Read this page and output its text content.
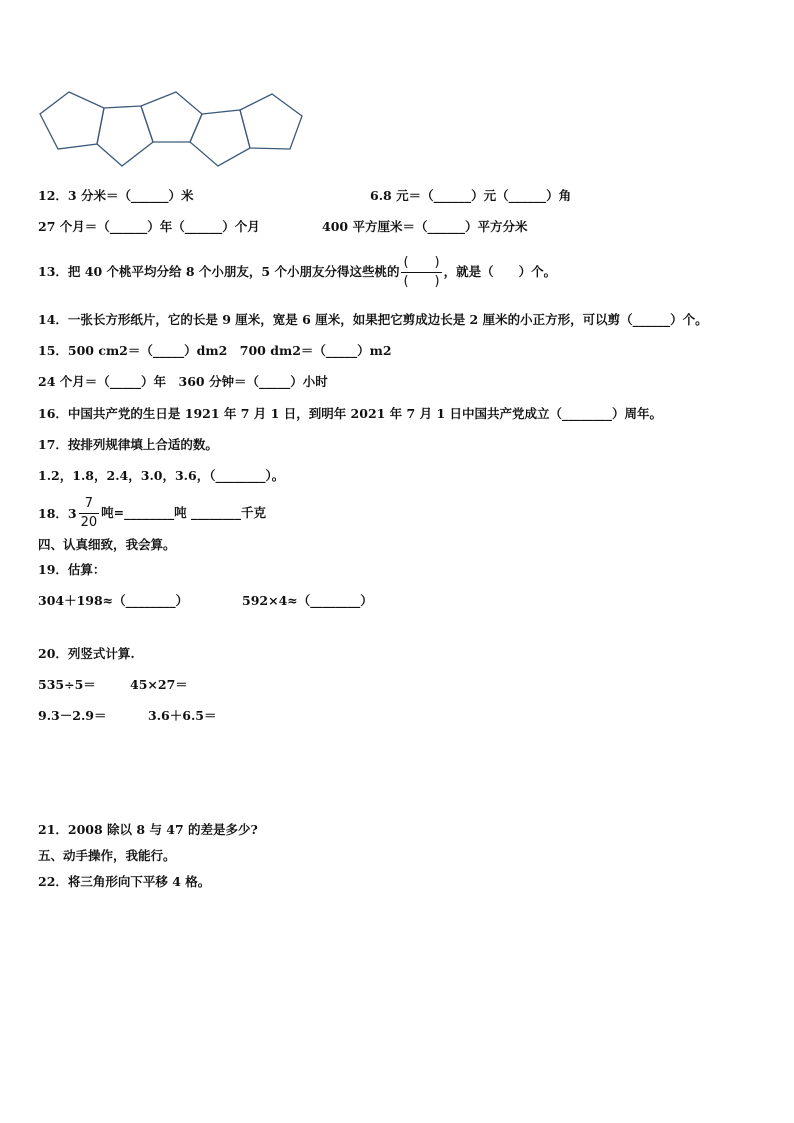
12．3 分米＝（______）米	6.8 元＝（______）元（______）角
27 个月＝（______）年（______）个月	400 平方厘米＝（______）平方分米
13．把 40 个桃平均分给 8 个小朋友，5 个小朋友分得这些桃的 $\frac{( )}{( )}$ ，就是（　　）个。
14．一张长方形纸片，它的长是 9 厘米，宽是 6 厘米，如果把它剪成边长是 2 厘米的小正方形，可以剪（______）个。
15．500 cm2＝（_____）dm2　700 dm2＝（_____）m2
24 个月＝（_____）年　360 分钟＝（_____）小时
16．中国共产党的生日是 1921 年 7 月 1 日，到明年 2021 年 7 月 1 日中国共产党成立（________）周年。
17．按排列规律填上合适的数。
1.2，1.8，2.4，3.0，3.6，（________）。
18．$3 \frac{7}{20}$ 吨=________吨 ________千克
四、认真细致，我会算。
19．估算：
304＋198≈（________）	592×4≈（________）
20．列竖式计算.
535÷5＝	45×27＝
9.3－2.9＝	3.6＋6.5＝
21．2008 除以 8 与 47 的差是多少?
五、动手操作，我能行。
22．将三角形向下平移 4 格。
